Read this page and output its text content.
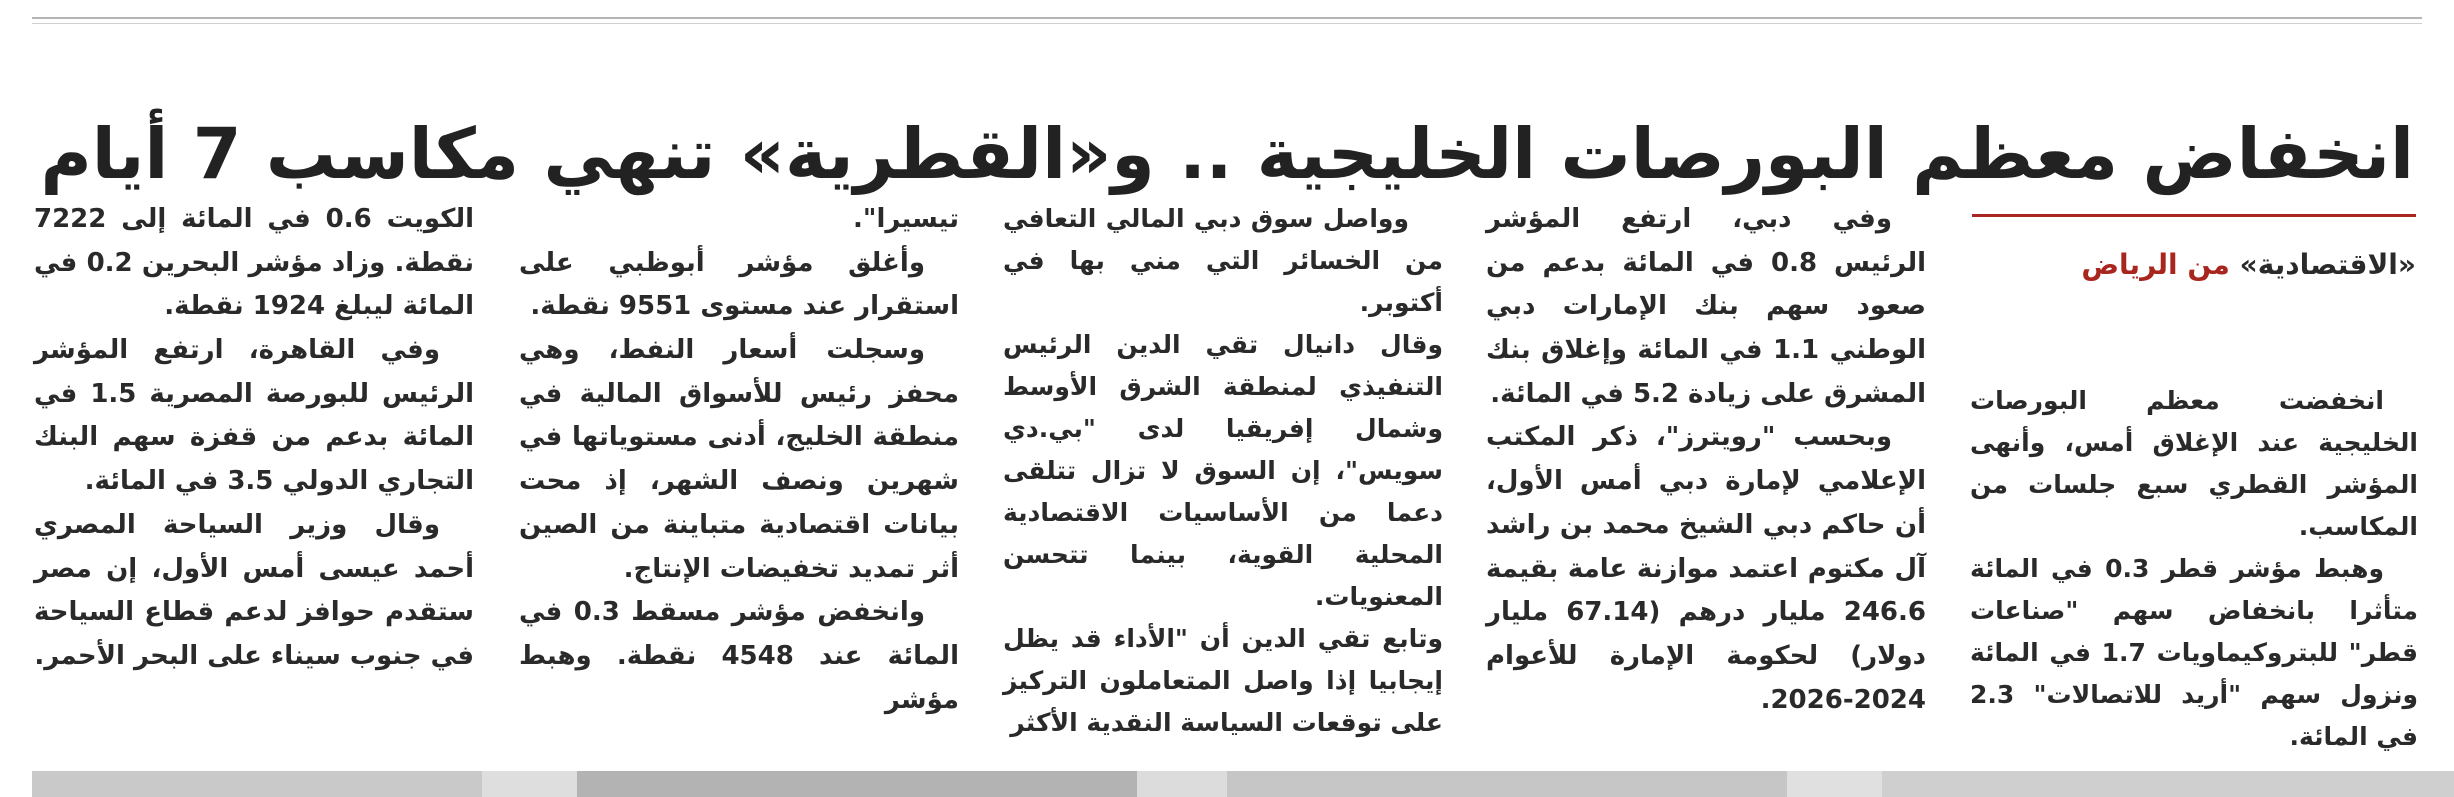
انخفاض معظم البورصات الخليجية .. و«القطرية» تنهي مكاسب 7 أيام
«الاقتصادية» من الرياض

انخفضت معظم البورصات الخليجية عند الإغلاق أمس، وأنهى المؤشر القطري سبع جلسات من المكاسب.

وهبط مؤشر قطر 0.3 في المائة متأثرا بانخفاض سهم "صناعات قطر" للبتروكيماويات 1.7 في المائة ونزول سهم "أريد للاتصالات" 2.3 في المائة.

وفي دبي، ارتفع المؤشر الرئيس 0.8 في المائة بدعم من صعود سهم بنك الإمارات دبي الوطني 1.1 في المائة وإغلاق بنك المشرق على زيادة 5.2 في المائة.

وبحسب "رويترز"، ذكر المكتب الإعلامي لإمارة دبي أمس الأول، أن حاكم دبي الشيخ محمد بن راشد آل مكتوم اعتمد موازنة عامة بقيمة 246.6 مليار درهم (67.14 مليار دولار) لحكومة الإمارة للأعوام 2024-2026.

وواصل سوق دبي المالي التعافي من الخسائر التي مني بها في أكتوبر.

وقال دانيال تقي الدين الرئيس التنفيذي لمنطقة الشرق الأوسط وشمال إفريقيا لدى "بي.دي سويس"، إن السوق لا تزال تتلقى دعما من الأساسيات الاقتصادية المحلية القوية، بينما تتحسن المعنويات.

وتابع تقي الدين أن "الأداء قد يظل إيجابيا إذا واصل المتعاملون التركيز على توقعات السياسة النقدية الأكثر

تيسيرا".

وأغلق مؤشر أبوظبي على استقرار عند مستوى 9551 نقطة.

وسجلت أسعار النفط، وهي محفز رئيس للأسواق المالية في منطقة الخليج، أدنى مستوياتها في شهرين ونصف الشهر، إذ محت بيانات اقتصادية متباينة من الصين أثر تمديد تخفيضات الإنتاج.

وانخفض مؤشر مسقط 0.3 في المائة عند 4548 نقطة. وهبط مؤشر

الكويت 0.6 في المائة إلى 7222 نقطة. وزاد مؤشر البحرين 0.2 في المائة ليبلغ 1924 نقطة.

وفي القاهرة، ارتفع المؤشر الرئيس للبورصة المصرية 1.5 في المائة بدعم من قفزة سهم البنك التجاري الدولي 3.5 في المائة.

وقال وزير السياحة المصري أحمد عيسى أمس الأول، إن مصر ستقدم حوافز لدعم قطاع السياحة في جنوب سيناء على البحر الأحمر.
